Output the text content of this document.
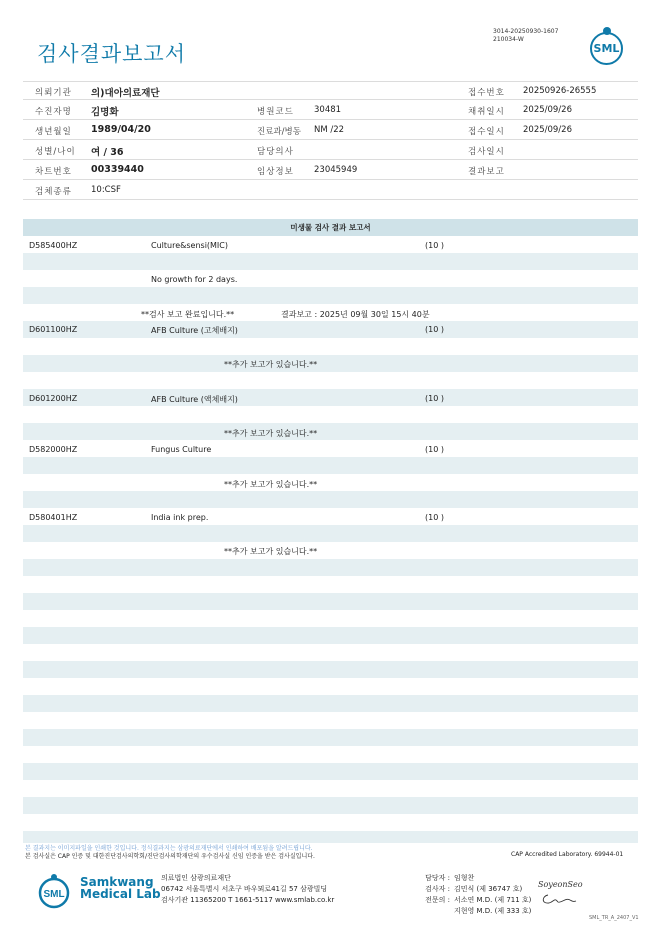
3014-20250930-1607
210034-W
검사결과보고서	SML
의뢰기관 의)대아의료재단	접수번호 20250926-26555
수진자명 김명화	병원코드 30481	채취일시 2025/09/26
생년월일 1989/04/20	진료과/병동 NM /22	접수일시 2025/09/26
성별/나이 여 / 36	담당의사	검사일시
차트번호 00339440	임상정보 23045949	결과보고
검체종류 10:CSF
미생물 검사 결과 보고서
D585400HZ	Culture&sensi(MIC)	(10 )
No growth for 2 days.
**검사 보고 완료입니다.**	결과보고 : 2025년 09월 30일 15시 40분
D601100HZ	AFB Culture (고체배지)	(10 )
**추가 보고가 있습니다.**
D601200HZ	AFB Culture (액체배지)	(10 )
**추가 보고가 있습니다.**
D582000HZ	Fungus Culture	(10 )
**추가 보고가 있습니다.**
D580401HZ	India ink prep.	(10 )
**추가 보고가 있습니다.**
본 결과지는 이미지파일을 인쇄한 것입니다. 정식결과지는 삼광의료재단에서 인쇄하여 배포됨을 알려드립니다.
본 검사실은 CAP 인증 및 대한진단검사의학회/진단검사의학재단의 우수검사실 신임 인증을 받은 검사실입니다.	CAP Accredited Laboratory. 69944-01
SML
Samkwang
Medical Lab
의료법인 삼광의료재단
06742 서울특별시 서초구 바우뫼로41길 57 삼광빌딩
검사기관 11365200 T 1661-5117 www.smlab.co.kr
담당자 : 임형찬
검사자 : 김민식 (제 36747 호)
전문의 : 서소연 M.D. (제 711 호)
지현영 M.D. (제 333 호)
SoyeonSeo
SML_TR_A_2407_V1
